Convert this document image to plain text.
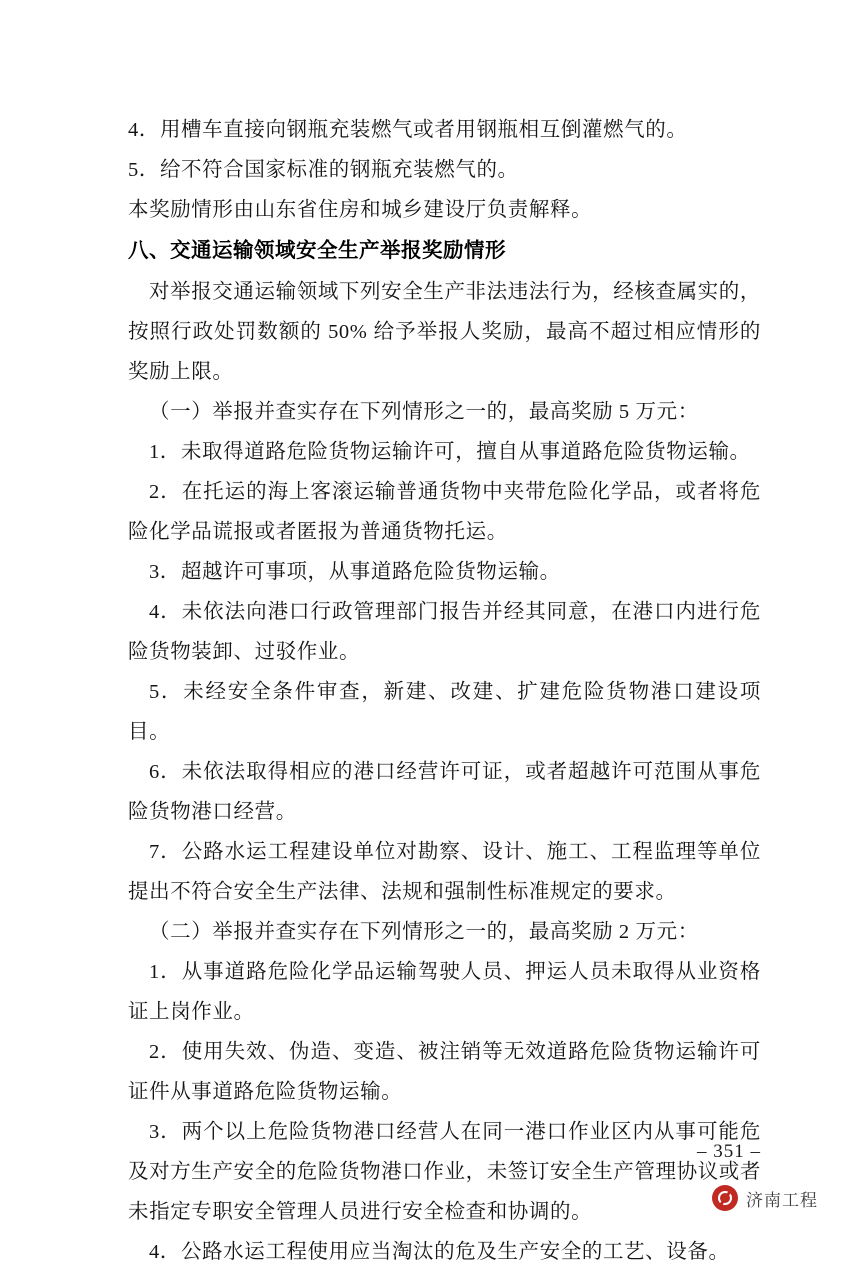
4．用槽车直接向钢瓶充装燃气或者用钢瓶相互倒灌燃气的。

5．给不符合国家标准的钢瓶充装燃气的。

本奖励情形由山东省住房和城乡建设厅负责解释。

八、交通运输领域安全生产举报奖励情形

对举报交通运输领域下列安全生产非法违法行为，经核查属实的，按照行政处罚数额的 50% 给予举报人奖励，最高不超过相应情形的奖励上限。

（一）举报并查实存在下列情形之一的，最高奖励 5 万元：

1．未取得道路危险货物运输许可，擅自从事道路危险货物运输。

2．在托运的海上客滚运输普通货物中夹带危险化学品，或者将危险化学品谎报或者匿报为普通货物托运。

3．超越许可事项，从事道路危险货物运输。

4．未依法向港口行政管理部门报告并经其同意，在港口内进行危险货物装卸、过驳作业。

5．未经安全条件审查，新建、改建、扩建危险货物港口建设项目。

6．未依法取得相应的港口经营许可证，或者超越许可范围从事危险货物港口经营。

7．公路水运工程建设单位对勘察、设计、施工、工程监理等单位提出不符合安全生产法律、法规和强制性标准规定的要求。

（二）举报并查实存在下列情形之一的，最高奖励 2 万元：

1．从事道路危险化学品运输驾驶人员、押运人员未取得从业资格证上岗作业。

2．使用失效、伪造、变造、被注销等无效道路危险货物运输许可证件从事道路危险货物运输。

3．两个以上危险货物港口经营人在同一港口作业区内从事可能危及对方生产安全的危险货物港口作业，未签订安全生产管理协议或者未指定专职安全管理人员进行安全检查和协调的。

4．公路水运工程使用应当淘汰的危及生产安全的工艺、设备。

– 351 –
济南工程
